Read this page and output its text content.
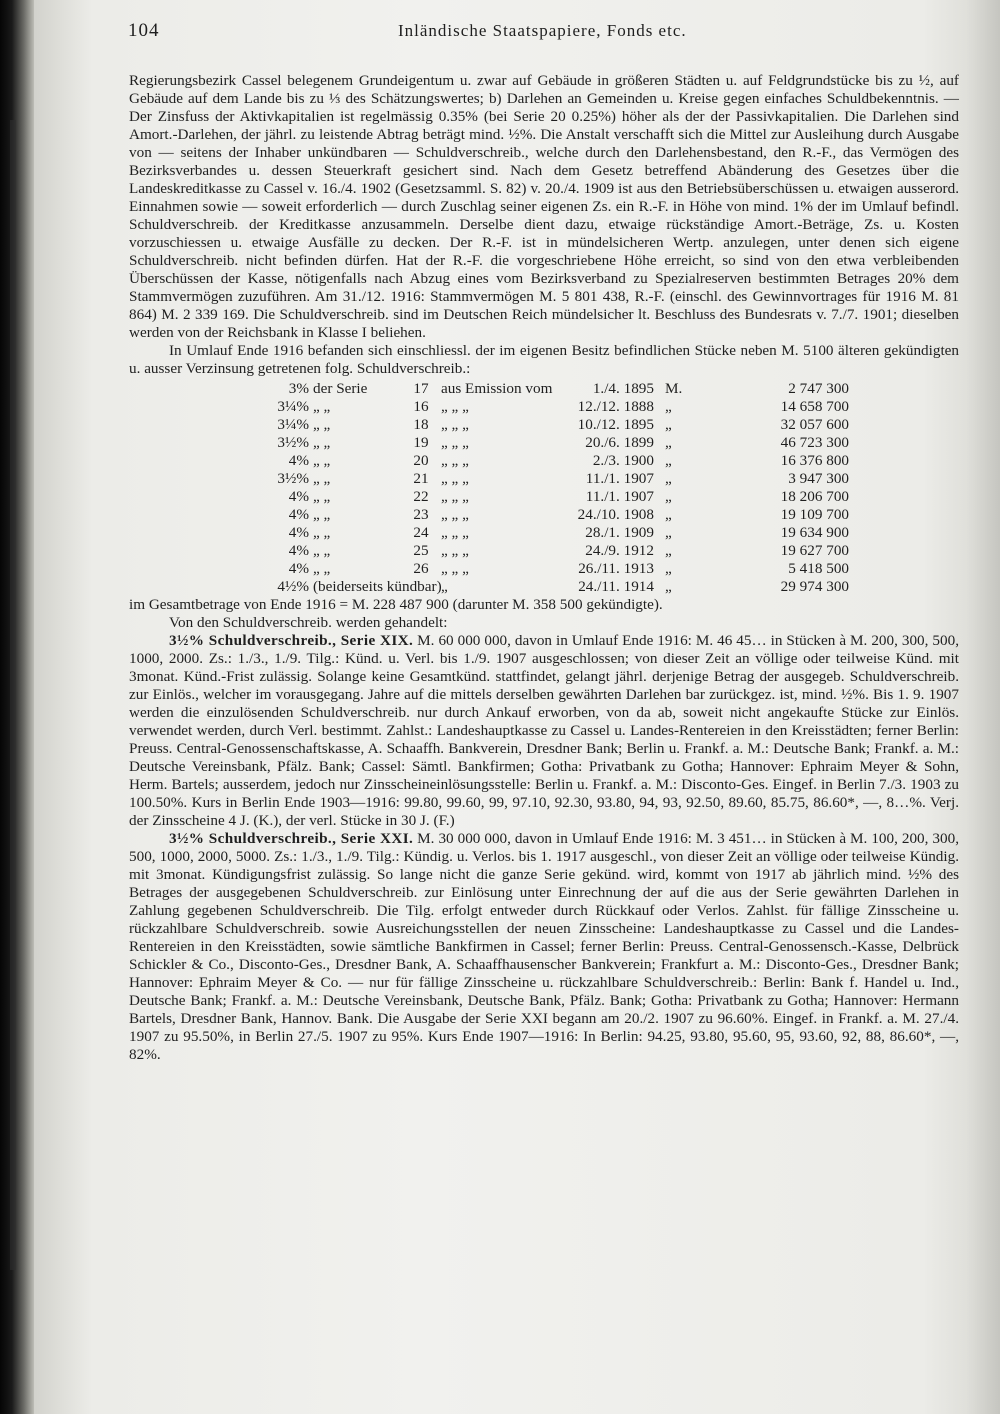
104	Inländische Staatspapiere, Fonds etc.

Regierungsbezirk Cassel belegenem Grundeigentum u. zwar auf Gebäude in größeren Städten u. auf Feldgrundstücke bis zu ½, auf Gebäude auf dem Lande bis zu ⅓ des Schätzungswertes; b) Darlehen an Gemeinden u. Kreise gegen einfaches Schuldbekenntnis. — Der Zinsfuss der Aktivkapitalien ist regelmässig 0.35% (bei Serie 20 0.25%) höher als der der Passivkapitalien. Die Darlehen sind Amort.-Darlehen, der jährl. zu leistende Abtrag beträgt mind. ½%. Die Anstalt verschafft sich die Mittel zur Ausleihung durch Ausgabe von — seitens der Inhaber unkündbaren — Schuldverschreib., welche durch den Darlehensbestand, den R.-F., das Vermögen des Bezirksverbandes u. dessen Steuerkraft gesichert sind. Nach dem Gesetz betreffend Abänderung des Gesetzes über die Landeskreditkasse zu Cassel v. 16./4. 1902 (Gesetzsamml. S. 82) v. 20./4. 1909 ist aus den Betriebsüberschüssen u. etwaigen ausserord. Einnahmen sowie — soweit erforderlich — durch Zuschlag seiner eigenen Zs. ein R.-F. in Höhe von mind. 1% der im Umlauf befindl. Schuldverschreib. der Kreditkasse anzusammeln. Derselbe dient dazu, etwaige rückständige Amort.-Beträge, Zs. u. Kosten vorzuschiessen u. etwaige Ausfälle zu decken. Der R.-F. ist in mündelsicheren Wertp. anzulegen, unter denen sich eigene Schuldverschreib. nicht befinden dürfen. Hat der R.-F. die vorgeschriebene Höhe erreicht, so sind von den etwa verbleibenden Überschüssen der Kasse, nötigenfalls nach Abzug eines vom Bezirksverband zu Spezialreserven bestimmten Betrages 20% dem Stammvermögen zuzuführen. Am 31./12. 1916: Stammvermögen M. 5 801 438, R.-F. (einschl. des Gewinnvortrages für 1916 M. 81 864) M. 2 339 169. Die Schuldverschreib. sind im Deutschen Reich mündelsicher lt. Beschluss des Bundesrats v. 7./7. 1901; dieselben werden von der Reichsbank in Klasse I beliehen.

In Umlauf Ende 1916 befanden sich einschliessl. der im eigenen Besitz befindlichen Stücke neben M. 5100 älteren gekündigten u. ausser Verzinsung getretenen folg. Schuldverschreib.:

3% der Serie	17 aus Emission vom	1./4. 1895 M.	2 747 300
3¼% „ „	16 „ „ „	12./12. 1888 „	14 658 700
3¼% „ „	18 „ „ „	10./12. 1895 „	32 057 600
3½% „ „	19 „ „ „	20./6. 1899 „	46 723 300
4% „ „	20 „ „ „	2./3. 1900 „	16 376 800
3½% „ „	21 „ „ „	11./1. 1907 „	3 947 300
4% „ „	22 „ „ „	11./1. 1907 „	18 206 700
4% „ „	23 „ „ „	24./10. 1908 „	19 109 700
4% „ „	24 „ „ „	28./1. 1909 „	19 634 900
4% „ „	25 „ „ „	24./9. 1912 „	19 627 700
4% „ „	26 „ „ „	26./11. 1913 „	5 418 500
4½% (beiderseits kündbar) „	24./11. 1914 „	29 974 300

im Gesamtbetrage von Ende 1916 = M. 228 487 900 (darunter M. 358 500 gekündigte).

Von den Schuldverschreib. werden gehandelt:

3½% Schuldverschreib., Serie XIX. M. 60 000 000, davon in Umlauf Ende 1916: M. 46 45… in Stücken à M. 200, 300, 500, 1000, 2000. Zs.: 1./3., 1./9. Tilg.: Künd. u. Verl. bis 1./9. 1907 ausgeschlossen; von dieser Zeit an völlige oder teilweise Künd. mit 3monat. Künd.-Frist zulässig. Solange keine Gesamtkünd. stattfindet, gelangt jährl. derjenige Betrag der ausgegeb. Schuldverschreib. zur Einlös., welcher im vorausgegang. Jahre auf die mittels derselben gewährten Darlehen bar zurückgez. ist, mind. ½%. Bis 1. 9. 1907 werden die einzulösenden Schuldverschreib. nur durch Ankauf erworben, von da ab, soweit nicht angekaufte Stücke zur Einlös. verwendet werden, durch Verl. bestimmt. Zahlst.: Landeshauptkasse zu Cassel u. Landes-Rentereien in den Kreisstädten; ferner Berlin: Preuss. Central-Genossenschaftskasse, A. Schaaffh. Bankverein, Dresdner Bank; Berlin u. Frankf. a. M.: Deutsche Bank; Frankf. a. M.: Deutsche Vereinsbank, Pfälz. Bank; Cassel: Sämtl. Bankfirmen; Gotha: Privatbank zu Gotha; Hannover: Ephraim Meyer & Sohn, Herm. Bartels; ausserdem, jedoch nur Zinsscheineinlösungsstelle: Berlin u. Frankf. a. M.: Disconto-Ges. Eingef. in Berlin 7./3. 1903 zu 100.50%. Kurs in Berlin Ende 1903—1916: 99.80, 99.60, 99, 97.10, 92.30, 93.80, 94, 93, 92.50, 89.60, 85.75, 86.60*, —, 8…%. Verj. der Zinsscheine 4 J. (K.), der verl. Stücke in 30 J. (F.)

3½% Schuldverschreib., Serie XXI. M. 30 000 000, davon in Umlauf Ende 1916: M. 3 451… in Stücken à M. 100, 200, 300, 500, 1000, 2000, 5000. Zs.: 1./3., 1./9. Tilg.: Kündig. u. Verlos. bis 1. 1917 ausgeschl., von dieser Zeit an völlige oder teilweise Kündig. mit 3monat. Kündigungsfrist zulässig. So lange nicht die ganze Serie gekünd. wird, kommt von 1917 ab jährlich mind. ½% des Betrages der ausgegebenen Schuldverschreib. zur Einlösung unter Einrechnung der auf die aus der Serie gewährten Darlehen in Zahlung gegebenen Schuldverschreib. Die Tilg. erfolgt entweder durch Rückkauf oder Verlos. Zahlst. für fällige Zinsscheine u. rückzahlbare Schuldverschreib. sowie Ausreichungsstellen der neuen Zinsscheine: Landeshauptkasse zu Cassel und die Landes-Rentereien in den Kreisstädten, sowie sämtliche Bankfirmen in Cassel; ferner Berlin: Preuss. Central-Genossensch.-Kasse, Delbrück Schickler & Co., Disconto-Ges., Dresdner Bank, A. Schaaffhausenscher Bankverein; Frankfurt a. M.: Disconto-Ges., Dresdner Bank; Hannover: Ephraim Meyer & Co. — nur für fällige Zinsscheine u. rückzahlbare Schuldverschreib.: Berlin: Bank f. Handel u. Ind., Deutsche Bank; Frankf. a. M.: Deutsche Vereinsbank, Deutsche Bank, Pfälz. Bank; Gotha: Privatbank zu Gotha; Hannover: Hermann Bartels, Dresdner Bank, Hannov. Bank. Die Ausgabe der Serie XXI begann am 20./2. 1907 zu 96.60%. Eingef. in Frankf. a. M. 27./4. 1907 zu 95.50%, in Berlin 27./5. 1907 zu 95%. Kurs Ende 1907—1916: In Berlin: 94.25, 93.80, 95.60, 95, 93.60, 92, 88, 86.60*, —, 82%.
